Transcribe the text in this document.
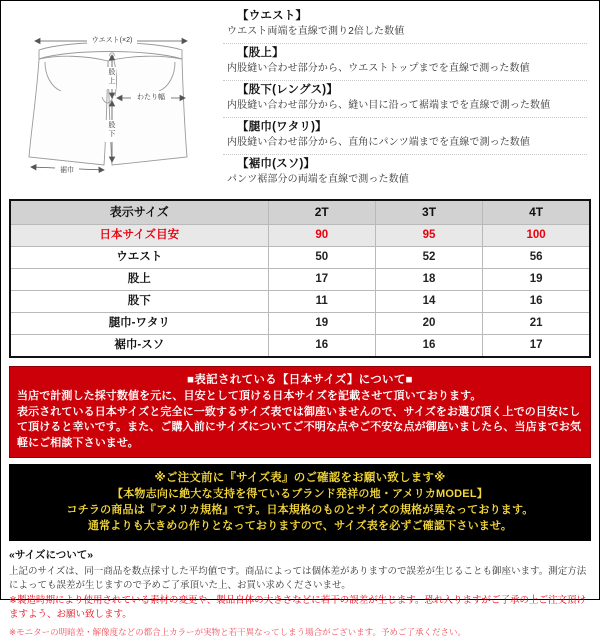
ウエスト(×2)
股
上
股
下
わたり幅
裾巾
【ウエスト】
ウエスト両端を直線で測り2倍した数値
【股上】
内股縫い合わせ部分から、ウエストトップまでを直線で測った数値
【股下(レングス)】
内股縫い合わせ部分から、縫い目に沿って裾端までを直線で測った数値
【腿巾(ワタリ)】
内股縫い合わせ部分から、直角にパンツ端までを直線で測った数値
【裾巾(スソ)】
パンツ裾部分の両端を直線で測った数値
表示サイズ	2T	3T	4T
日本サイズ目安	90	95	100
ウエスト	50	52	56
股上	17	18	19
股下	11	14	16
腿巾-ワタリ	19	20	21
裾巾-スソ	16	16	17
■表記されている【日本サイズ】について■
当店で計測した採寸数値を元に、目安として頂ける日本サイズを記載させて頂いております。
表示されている日本サイズと完全に一致するサイズ表では御座いませんので、サイズをお選び頂く上での目安にして頂けると幸いです。また、ご購入前にサイズについてご不明な点やご不安な点が御座いましたら、当店までお気軽にご相談下さいませ。
※ご注文前に『サイズ表』のご確認をお願い致します※
【本物志向に絶大な支持を得ているブランド発祥の地・アメリカMODEL】
コチラの商品は『アメリカ規格』です。日本規格のものとサイズの規格が異なっております。
通常よりも大きめの作りとなっておりますので、サイズ表を必ずご確認下さいませ。
«サイズについて»
上記のサイズは、同一商品を数点採寸した平均値です。商品によっては個体差がありますので誤差が生じることも御座います。測定方法によっても誤差が生じますので予めご了承頂いた上、お買い求めくださいませ。
※製造時期により使用されている素材の変更や、製品自体の大きさなどに若干の誤差が生じます。恐れ入りますがご了承の上ご注文頂けますよう、お願い致します。
※モニターの明暗差・解像度などの都合上カラーが実物と若干異なってしまう場合がございます。予めご了承ください。
